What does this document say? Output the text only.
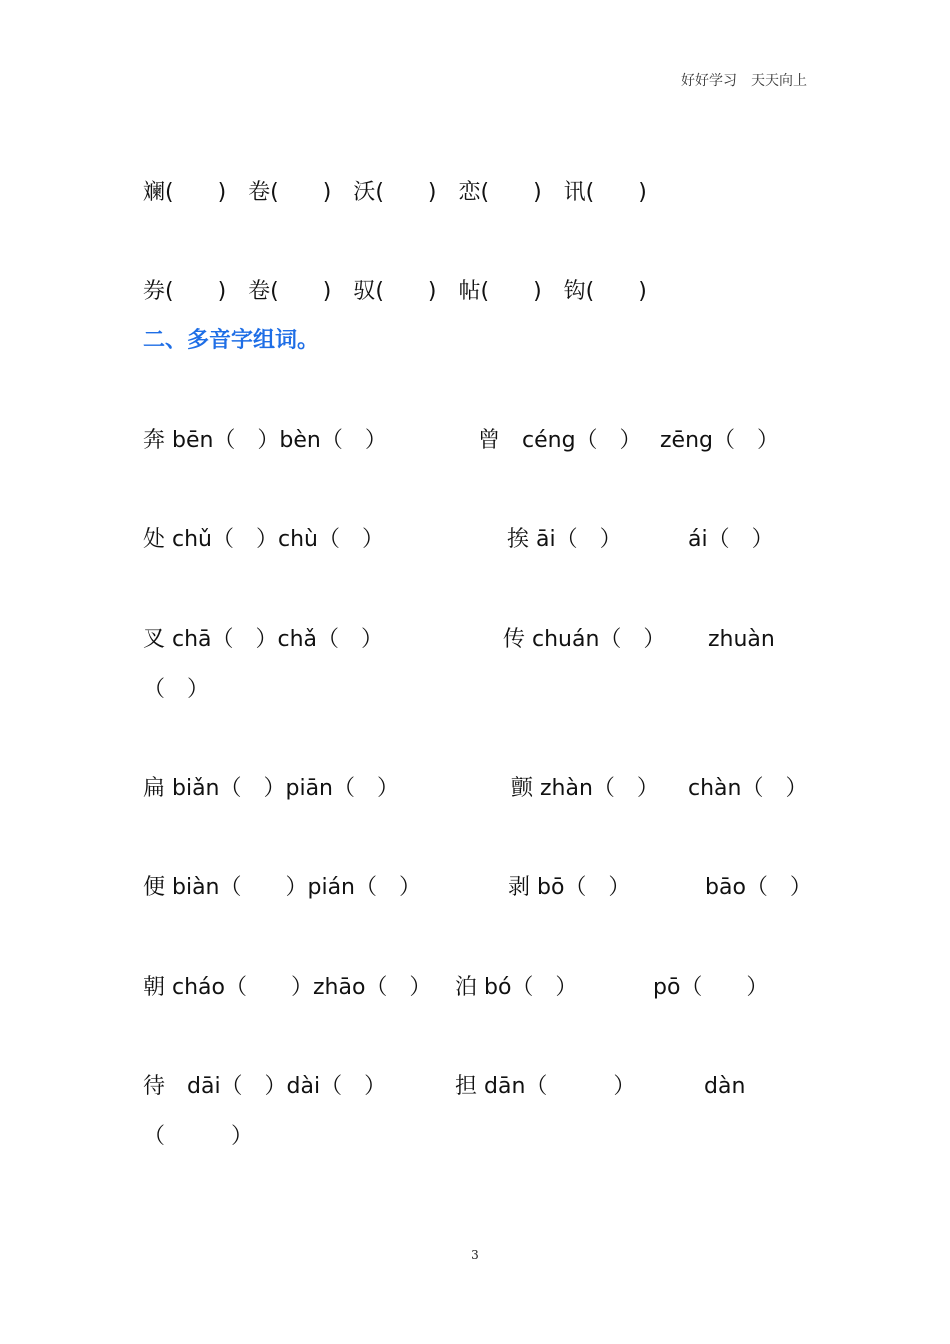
好好学习　天天向上
斓(　　)　卷(　　)　沃(　　)　恋(　　)　讯(　　)
券(　　)　卷(　　)　驭(　　)　帖(　　)　钩(　　)
二、多音字组词。
奔 bēn（　）bèn（　）	曾　céng（　） zēng（　）
处 chǔ（　）chù（　）	挨 āi（　）	ái（　）
叉 chā（　）chǎ（　）	传 chuán（　） zhuàn
（　）
扁 biǎn（　）piān（　）	颤 zhàn（　） chàn（　）
便 biàn（　　）pián（　）	剥 bō（　）	bāo（　）
朝 cháo（　　）zhāo（　） 泊 bó（　）	pō（　　）
待　dāi（　）dài（　）	担 dān（　　　）	dàn
（　　　）
3
